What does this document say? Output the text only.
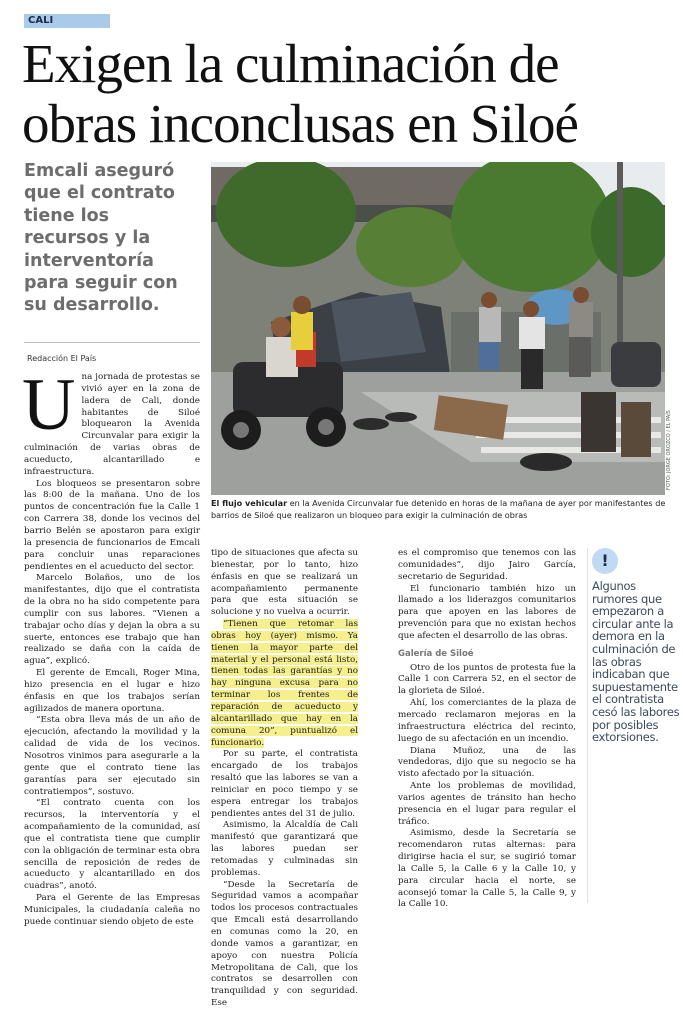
CALI
Exigen la culminación de obras inconclusas en Siloé
Emcali aseguró que el contrato tiene los recursos y la interventoría para seguir con su desarrollo.
Redacción El País
FOTO: JORGE OROZCO / EL PAÍS
El flujo vehicular en la Avenida Circunvalar fue detenido en horas de la mañana de ayer por manifestantes de barrios de Siloé que realizaron un bloqueo para exigir la culminación de obras
U na jornada de protestas se vivió ayer en la zona de ladera de Cali, donde habitantes de Siloé bloquearon la Avenida Circunvalar para exigir la culminación de varias obras de acueducto, alcantarillado e infraestructura.

Los bloqueos se presentaron sobre las 8:00 de la mañana. Uno de los puntos de concentración fue la Calle 1 con Carrera 38, donde los vecinos del barrio Belén se apostaron para exigir la presencia de funcionarios de Emcali para concluir unas reparaciones pendientes en el acueducto del sector.

Marcelo Bolaños, uno de los manifestantes, dijo que el contratista de la obra no ha sido competente para cumplir con sus labores. “Vienen a trabajar ocho días y dejan la obra a su suerte, entonces ese trabajo que han realizado se daña con la caída de agua”, explicó.

El gerente de Emcali, Roger Mina, hizo presencia en el lugar e hizo énfasis en que los trabajos serían agilizados de manera oportuna.

“Esta obra lleva más de un año de ejecución, afectando la movilidad y la calidad de vida de los vecinos. Nosotros vinimos para asegurarle a la gente que el contrato tiene las garantías para ser ejecutado sin contratiempos”, sostuvo.

“El contrato cuenta con los recursos, la interventoría y el acompañamiento de la comunidad, así que el contratista tiene que cumplir con la obligación de terminar esta obra sencilla de reposición de redes de acueducto y alcantarillado en dos cuadras”, anotó.

Para el Gerente de las Empresas Municipales, la ciudadanía caleña no puede continuar siendo objeto de este

tipo de situaciones que afecta su bienestar, por lo tanto, hizo énfasis en que se realizará un acompañamiento permanente para que esta situación se solucione y no vuelva a ocurrir.

“Tienen que retomar las obras hoy (ayer) mismo. Ya tienen la mayor parte del material y el personal está listo, tienen todas las garantías y no hay ninguna excusa para no terminar los frentes de reparación de acueducto y alcantarillado que hay en la comuna 20”, puntualizó el funcionario.

Por su parte, el contratista encargado de los trabajos resaltó que las labores se van a reiniciar en poco tiempo y se espera entregar los trabajos pendientes antes del 31 de julio.

Asimismo, la Alcaldía de Cali manifestó que garantizará que las labores puedan ser retomadas y culminadas sin problemas.

“Desde la Secretaría de Seguridad vamos a acompañar todos los procesos contractuales que Emcali está desarrollando en comunas como la 20, en donde vamos a garantizar, en apoyo con nuestra Policía Metropolitana de Cali, que los contratos se desarrollen con tranquilidad y con seguridad. Ese

es el compromiso que tenemos con las comunidades”, dijo Jairo García, secretario de Seguridad.

El funcionario también hizo un llamado a los liderazgos comunitarios para que apoyen en las labores de prevención para que no existan hechos que afecten el desarrollo de las obras.

Galería de Siloé

Otro de los puntos de protesta fue la Calle 1 con Carrera 52, en el sector de la glorieta de Siloé.

Ahí, los comerciantes de la plaza de mercado reclamaron mejoras en la infraestructura eléctrica del recinto, luego de su afectación en un incendio.

Diana Muñoz, una de las vendedoras, dijo que su negocio se ha visto afectado por la situación.

Ante los problemas de movilidad, varios agentes de tránsito han hecho presencia en el lugar para regular el tráfico.

Asimismo, desde la Secretaría se recomendaron rutas alternas: para dirigirse hacia el sur, se sugirió tomar la Calle 5, la Calle 6 y la Calle 10, y para circular hacia el norte, se aconsejó tomar la Calle 5, la Calle 9, y la Calle 10.

!
Algunos rumores que empezaron a circular ante la demora en la culminación de las obras indicaban que supuestamente el contratista cesó las labores por posibles extorsiones.
